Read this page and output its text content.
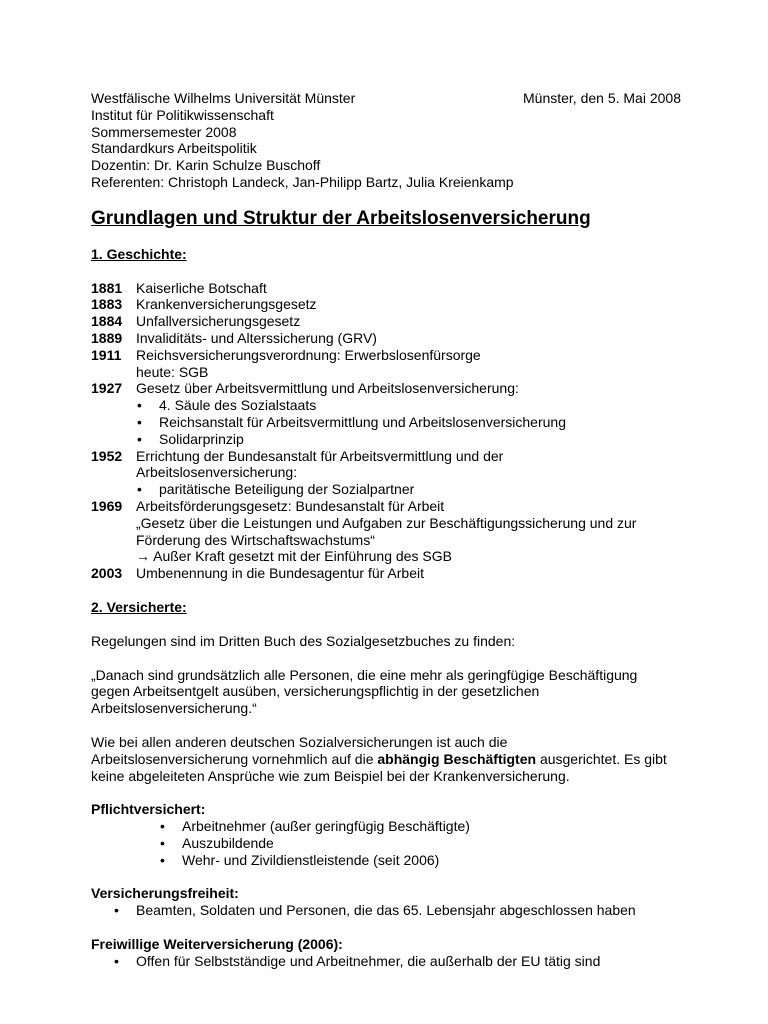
Westfälische Wilhelms Universität Münster	Münster, den 5. Mai 2008
Institut für Politikwissenschaft
Sommersemester 2008
Standardkurs Arbeitspolitik
Dozentin: Dr. Karin Schulze Buschoff
Referenten: Christoph Landeck, Jan-Philipp Bartz, Julia Kreienkamp
Grundlagen und Struktur der Arbeitslosenversicherung
1. Geschichte:
1881 Kaiserliche Botschaft
1883 Krankenversicherungsgesetz
1884 Unfallversicherungsgesetz
1889 Invaliditäts- und Alterssicherung (GRV)
1911	Reichsversicherungsverordnung: Erwerbslosenfürsorge
heute: SGB
1927 Gesetz über Arbeitsvermittlung und Arbeitslosenversicherung:
• 4. Säule des Sozialstaats
• Reichsanstalt für Arbeitsvermittlung und Arbeitslosenversicherung
• Solidarprinzip
1952 Errichtung der Bundesanstalt für Arbeitsvermittlung und der
Arbeitslosenversicherung:
• paritätische Beteiligung der Sozialpartner
1969 Arbeitsförderungsgesetz: Bundesanstalt für Arbeit
„Gesetz über die Leistungen und Aufgaben zur Beschäftigungssicherung und zur
Förderung des Wirtschaftswachstums“
→ Außer Kraft gesetzt mit der Einführung des SGB
2003 Umbenennung in die Bundesagentur für Arbeit
2. Versicherte:
Regelungen sind im Dritten Buch des Sozialgesetzbuches zu finden:
„Danach sind grundsätzlich alle Personen, die eine mehr als geringfügige Beschäftigung
gegen Arbeitsentgelt ausüben, versicherungspflichtig in der gesetzlichen
Arbeitslosenversicherung.“
Wie bei allen anderen deutschen Sozialversicherungen ist auch die
Arbeitslosenversicherung vornehmlich auf die abhängig Beschäftigten ausgerichtet. Es gibt
keine abgeleiteten Ansprüche wie zum Beispiel bei der Krankenversicherung.
Pflichtversichert:
• Arbeitnehmer (außer geringfügig Beschäftigte)
• Auszubildende
• Wehr- und Zivildienstleistende (seit 2006)
Versicherungsfreiheit:
• Beamten, Soldaten und Personen, die das 65. Lebensjahr abgeschlossen haben
Freiwillige Weiterversicherung (2006):
• Offen für Selbstständige und Arbeitnehmer, die außerhalb der EU tätig sind
